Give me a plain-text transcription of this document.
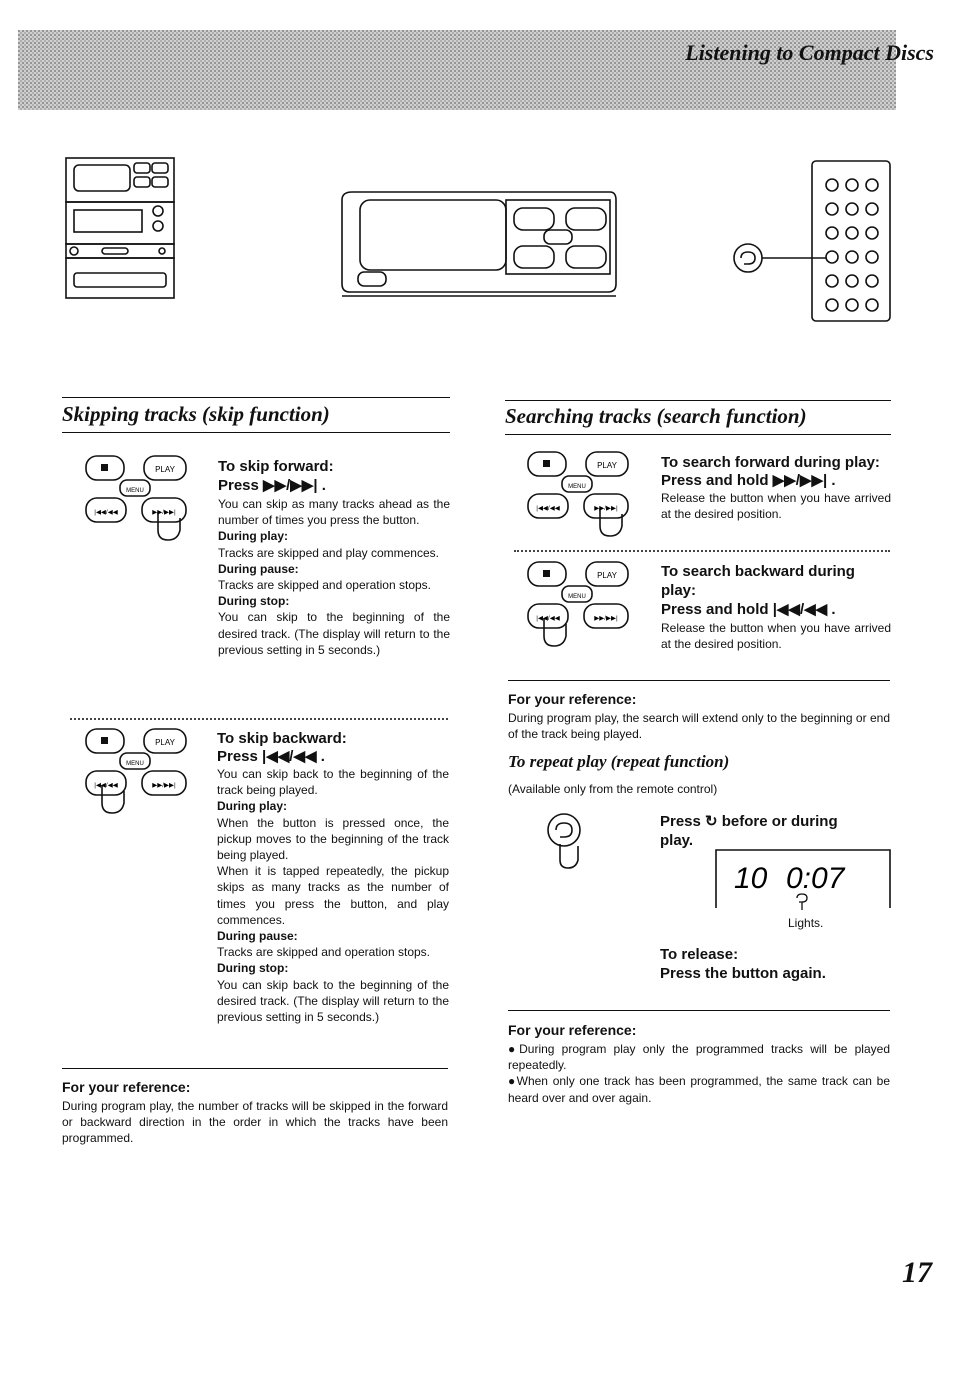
Listening to Compact Discs
Skipping tracks (skip function)
PLAY
MENU
|◀◀/◀◀	▶▶/▶▶|
To skip forward:
Press ▶▶/▶▶| .
You can skip as many tracks ahead as the number of times you press the button.
During play:
Tracks are skipped and play commences.
During pause:
Tracks are skipped and operation stops.
During stop:
You can skip to the beginning of the desired track. (The display will return to the previous setting in 5 seconds.)
PLAY
MENU
|◀◀/◀◀	▶▶/▶▶|
To skip backward:
Press |◀◀/◀◀ .
You can skip back to the beginning of the track being played.
During play:
When the button is pressed once, the pickup moves to the beginning of the track being played.
When it is tapped repeatedly, the pickup skips as many tracks as the number of times you press the button, and play commences.
During pause:
Tracks are skipped and operation stops.
During stop:
You can skip back to the beginning of the desired track. (The display will return to the previous setting in 5 seconds.)
For your reference:
During program play, the number of tracks will be skipped in the forward or backward direction in the order in which the tracks have been programmed.
Searching tracks (search function)
PLAY
MENU
|◀◀/◀◀	▶▶/▶▶|
To search forward during play:
Press and hold ▶▶/▶▶| .
Release the button when you have arrived at the desired position.
PLAY
MENU
|◀◀/◀◀	▶▶/▶▶|
To search backward during
play:
Press and hold |◀◀/◀◀ .
Release the button when you have arrived at the desired position.
For your reference:
During program play, the search will extend only to the beginning or end of the track being played.
To repeat play (repeat function)
(Available only from the remote control)
Press ↻ before or during
play.
10 0:07
Lights.
To release:
Press the button again.
For your reference:
●During program play only the programmed tracks will be played repeatedly.
●When only one track has been programmed, the same track can be heard over and over again.
17
